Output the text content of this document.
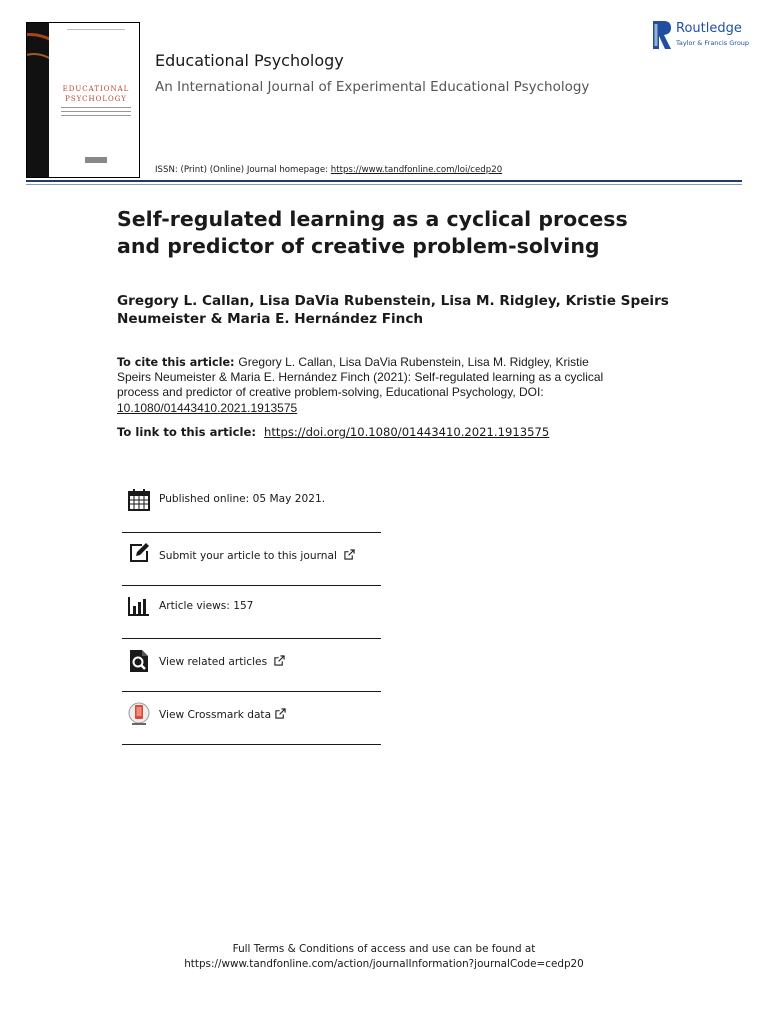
EDUCATIONAL
PSYCHOLOGY
Educational Psychology
An International Journal of Experimental Educational Psychology
ISSN: (Print) (Online) Journal homepage: https://www.tandfonline.com/loi/cedp20
Routledge
Taylor & Francis Group
Self-regulated learning as a cyclical process and predictor of creative problem-solving
Gregory L. Callan, Lisa DaVia Rubenstein, Lisa M. Ridgley, Kristie Speirs Neumeister & Maria E. Hernández Finch
To cite this article: Gregory L. Callan, Lisa DaVia Rubenstein, Lisa M. Ridgley, Kristie Speirs Neumeister & Maria E. Hernández Finch (2021): Self-regulated learning as a cyclical process and predictor of creative problem-solving, Educational Psychology, DOI: 10.1080/01443410.2021.1913575
To link to this article: https://doi.org/10.1080/01443410.2021.1913575
Published online: 05 May 2021.
Submit your article to this journal
Article views: 157
View related articles
View Crossmark data
Full Terms & Conditions of access and use can be found at
https://www.tandfonline.com/action/journalInformation?journalCode=cedp20
